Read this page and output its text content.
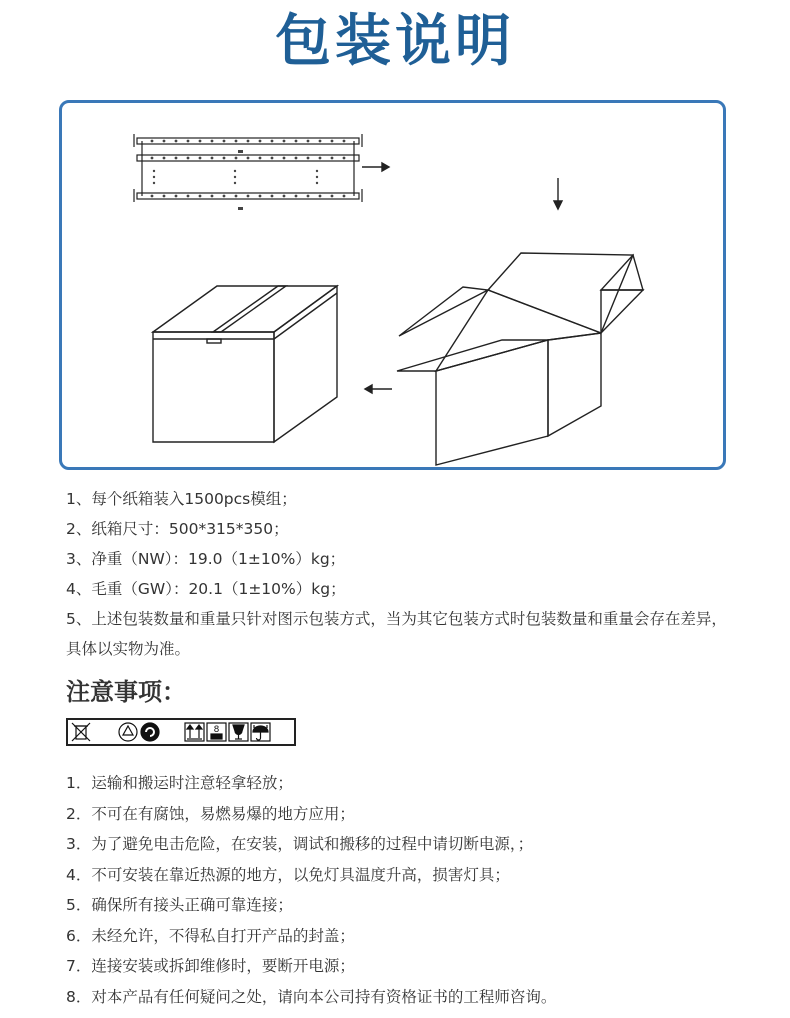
包装说明
1、每个纸箱装入1500pcs模组；
2、纸箱尺寸：500*315*350；
3、净重（NW）：19.0（1±10%）kg；
4、毛重（GW）：20.1（1±10%）kg；
5、上述包装数量和重量只针对图示包装方式，当为其它包装方式时包装数量和重量会存在差异，具体以实物为准。
注意事项：
8
1．运输和搬运时注意轻拿轻放；
2．不可在有腐蚀，易燃易爆的地方应用；
3．为了避免电击危险，在安装，调试和搬移的过程中请切断电源，；
4．不可安装在靠近热源的地方，以免灯具温度升高，损害灯具；
5．确保所有接头正确可靠连接；
6．未经允许，不得私自打开产品的封盖；
7．连接安装或拆卸维修时，要断开电源；
8．对本产品有任何疑问之处，请向本公司持有资格证书的工程师咨询。
